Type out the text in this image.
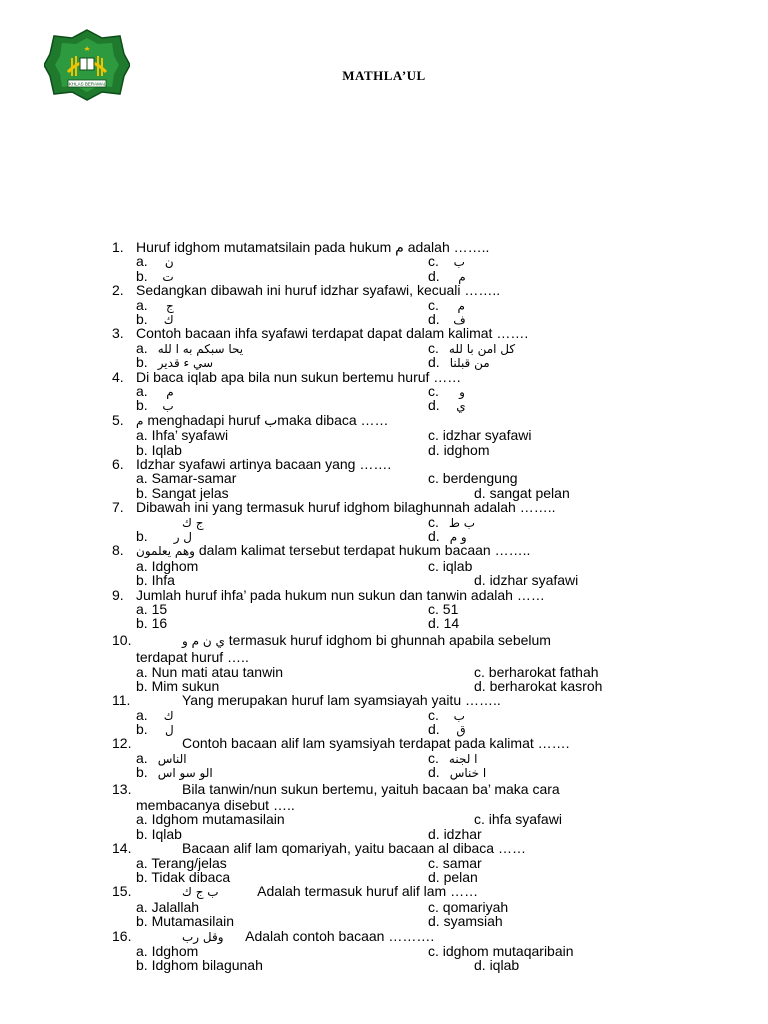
IKHLAS BERAMAL
MATHLA’UL
1. Huruf idghom mutamatsilain pada hukum م adalah ……..
a. ن	c. ب
b. ت	d. م
2. Sedangkan dibawah ini huruf idzhar syafawi, kecuali ……..
a. ج	c. م
b. ك	d. ف
3. Contoh bacaan ihfa syafawi terdapat dapat dalam kalimat …….
a. يحا سبكم به ا لله	c. كل امن با لله
b. سي ء قدير	d. من قبلنا
4. Di baca iqlab apa bila nun sukun bertemu huruf ……
a. م	c. و
b. ب	d. ي
5.	م menghadapi huruf بmaka dibaca ……
a. Ihfa’ syafawi	c. idzhar syafawi
b. Iqlab	d. idghom
6. Idzhar syafawi artinya bacaan yang …….
a. Samar-samar	c. berdengung
b. Sangat jelas	d. sangat pelan
7. Dibawah ini yang termasuk huruf idghom bilaghunnah adalah ……..
ج ك	c. ب ط
b. ل ر	d. و م
8.	وهم يعلمون dalam kalimat tersebut terdapat hukum bacaan ……..
a. Idghom	c. iqlab
b. Ihfa	d. idzhar syafawi
9. Jumlah huruf ihfa’ pada hukum nun sukun dan tanwin adalah ……
a. 15	c. 51
b. 16	d. 14
10.	ي ن م و termasuk huruf idghom bi ghunnah apabila sebelum
terdapat huruf …..
a. Nun mati atau tanwin	c. berharokat fathah
b. Mim sukun	d. berharokat kasroh
11.	Yang merupakan huruf lam syamsiayah yaitu ……..
a. ك	c. ب
b. ل	d. ق
12.	Contoh bacaan alif lam syamsiyah terdapat pada kalimat …….
a. الناس	c. ا لجنه
b. الو سو اس	d. ا خناس
13.	Bila tanwin/nun sukun bertemu, yaituh bacaan ba’ maka cara
membacanya disebut …..
a. Idghom mutamasilain	c. ihfa syafawi
b. Iqlab	d. idzhar
14.	Bacaan alif lam qomariyah, yaitu bacaan al dibaca ……
a. Terang/jelas	c. samar
b. Tidak dibaca	d. pelan
15.	ب ج ك	Adalah termasuk huruf alif lam ……
a. Jalallah	c. qomariyah
b. Mutamasilain	d. syamsiah
16.	وقل رب Adalah contoh bacaan ……….
a. Idghom	c. idghom mutaqaribain
b. Idghom bilagunah	d. iqlab
